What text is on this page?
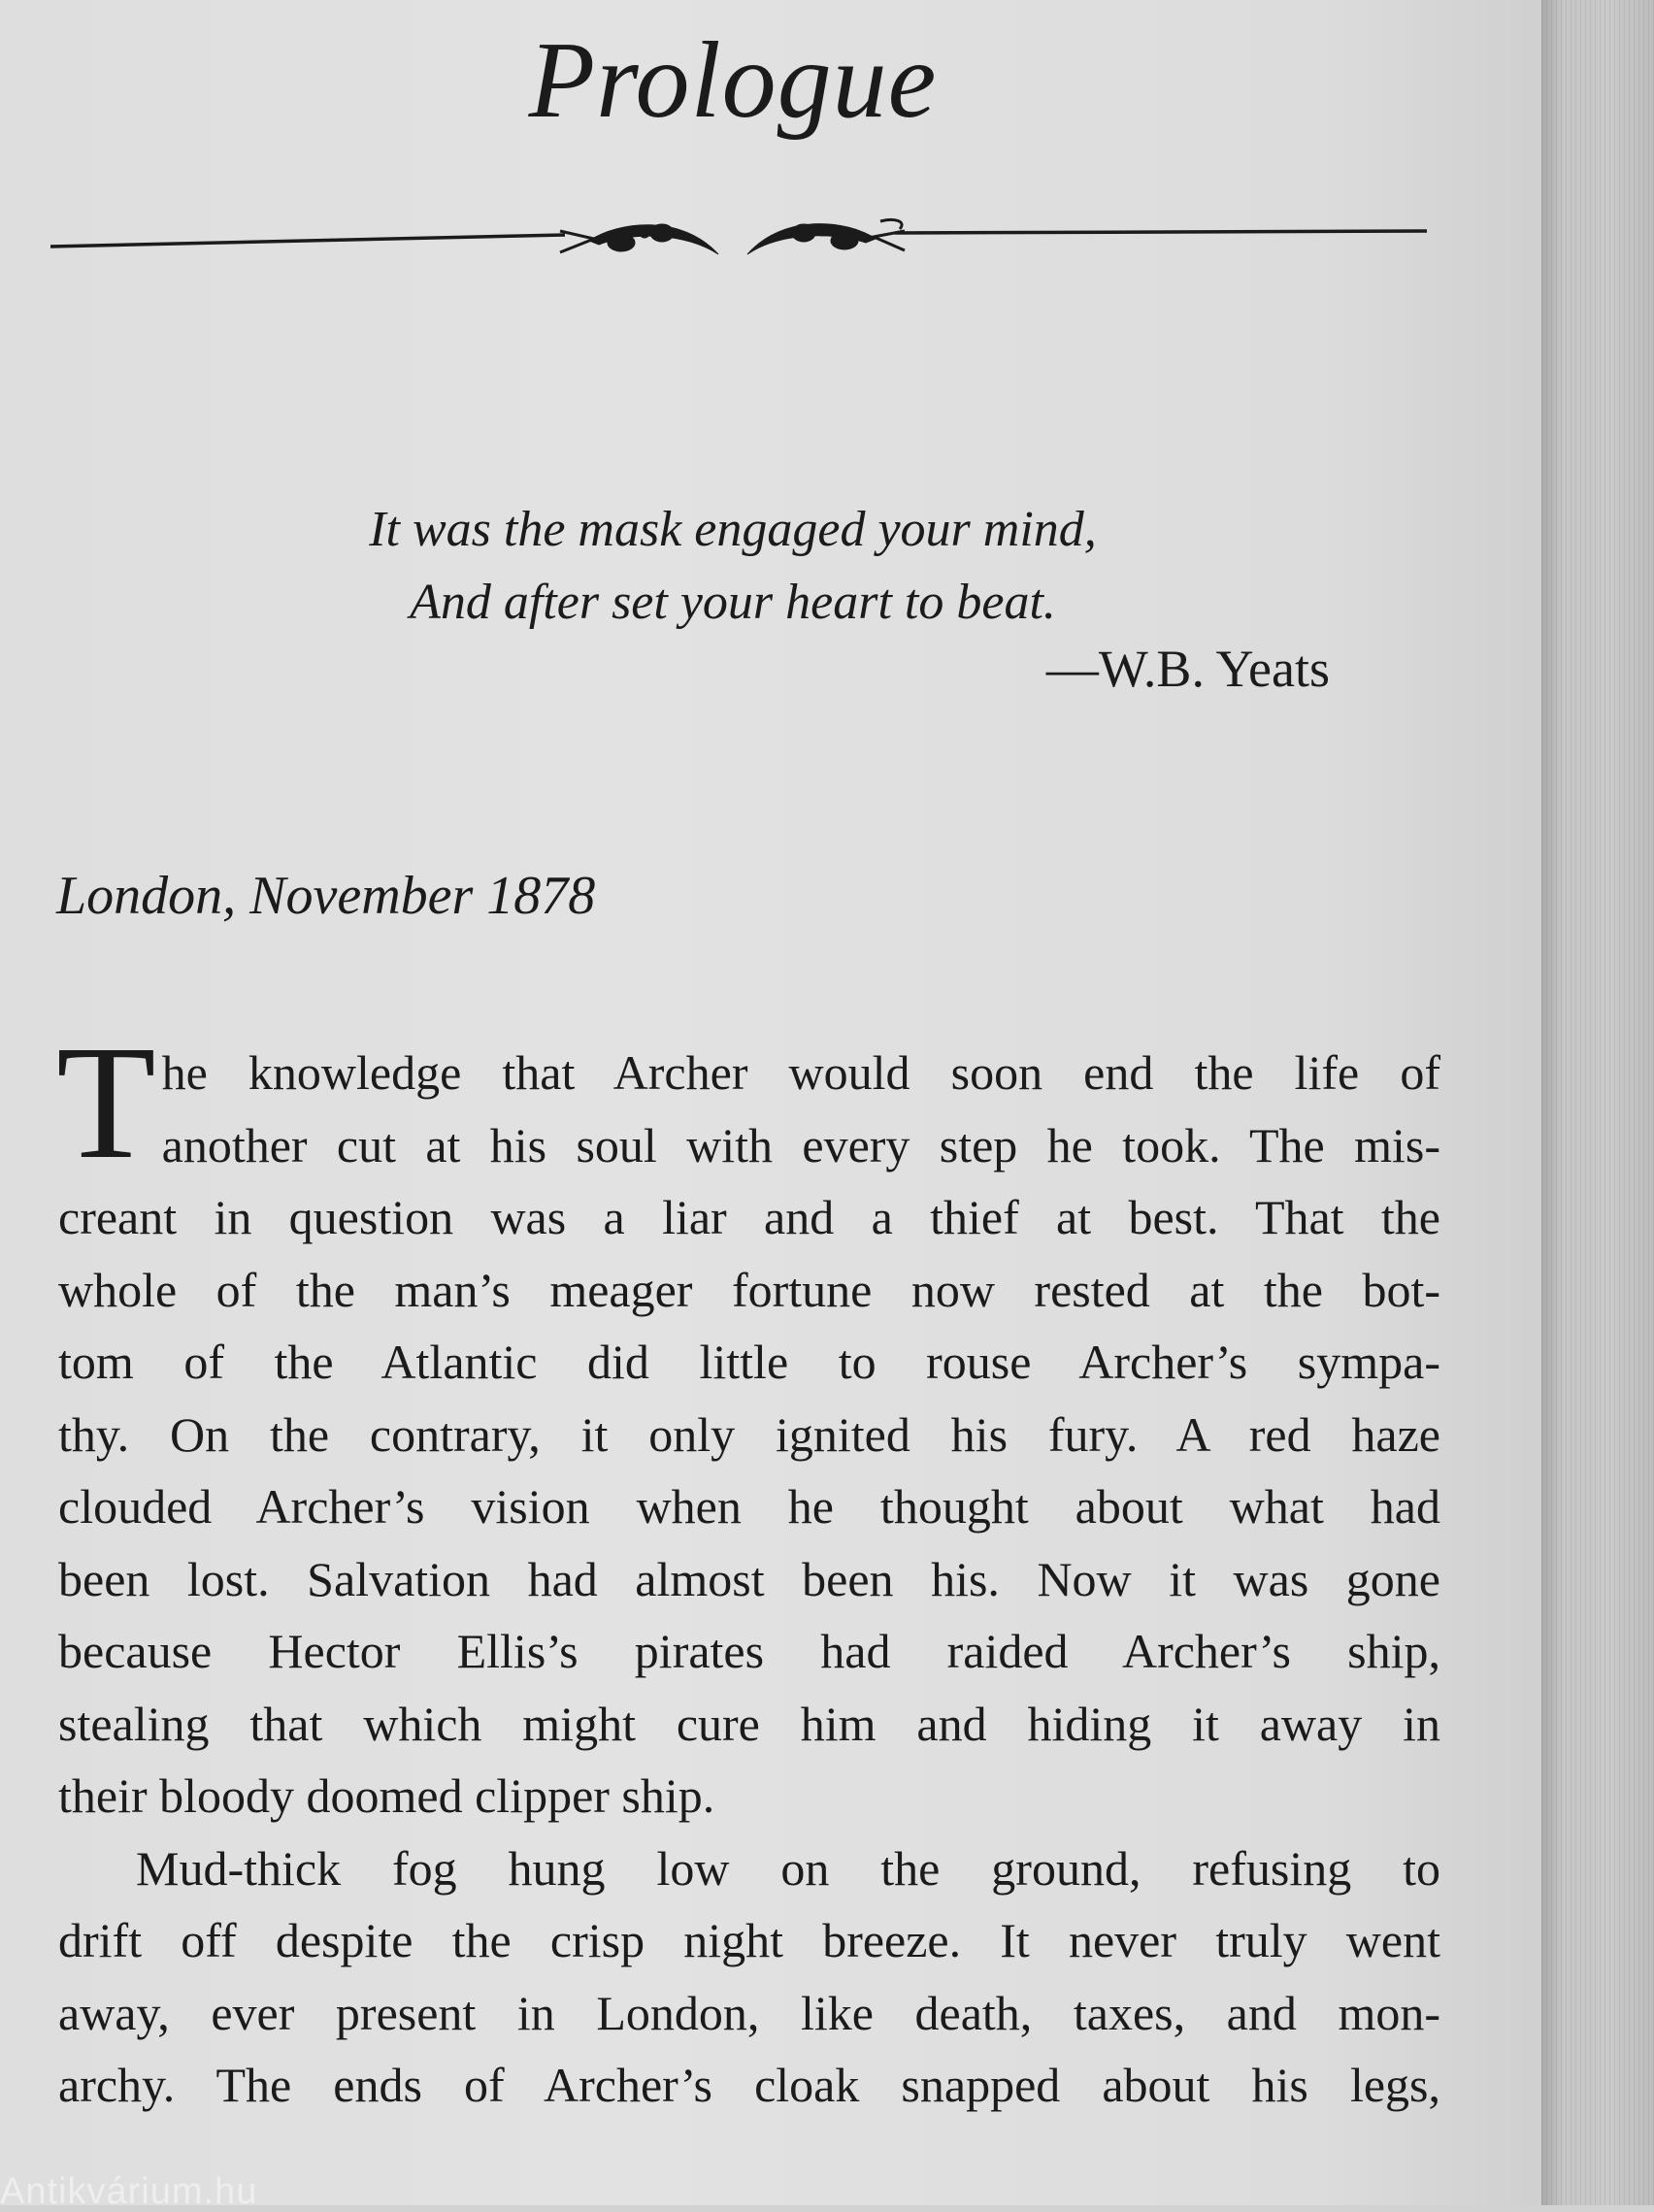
Prologue
It was the mask engaged your mind,
And after set your heart to beat.
—W.B. Yeats
London, November 1878

T he knowledge that Archer would soon end the life of
another cut at his soul with every step he took. The mis-
creant in question was a liar and a thief at best. That the
whole of the man’s meager fortune now rested at the bot-
tom of the Atlantic did little to rouse Archer’s sympa-
thy. On the contrary, it only ignited his fury. A red haze
clouded Archer’s vision when he thought about what had
been lost. Salvation had almost been his. Now it was gone
because Hector Ellis’s pirates had raided Archer’s ship,
stealing that which might cure him and hiding it away in
their bloody doomed clipper ship.

Mud-thick fog hung low on the ground, refusing to
drift off despite the crisp night breeze. It never truly went
away, ever present in London, like death, taxes, and mon-
archy. The ends of Archer’s cloak snapped about his legs,

Antikvárium.hu
